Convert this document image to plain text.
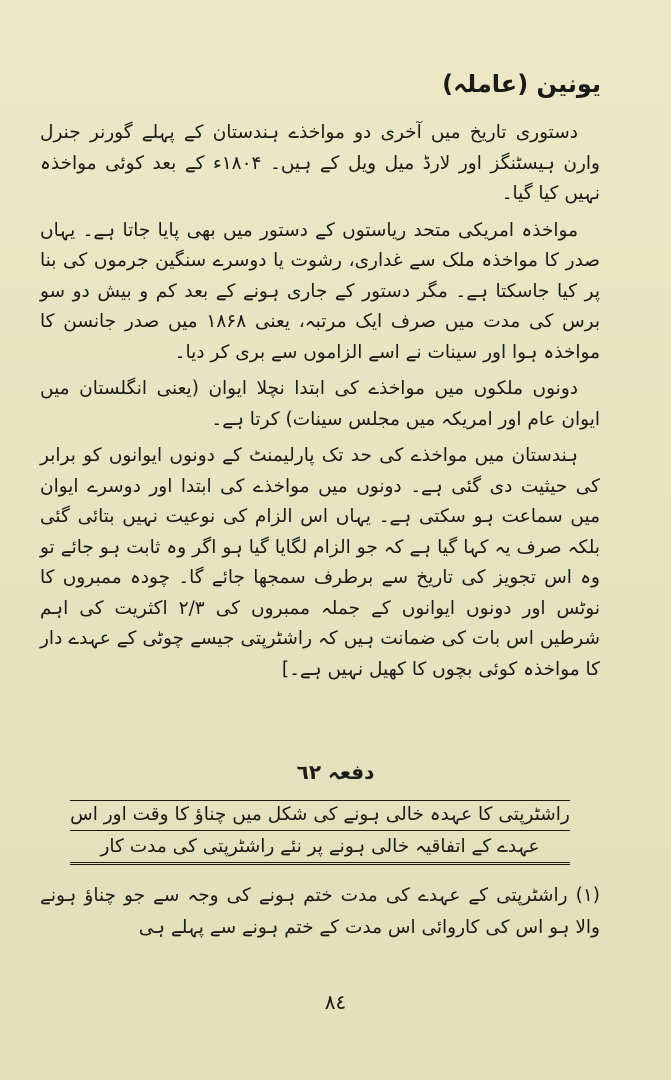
یونین (عاملہ)

دستوری تاریخ میں آخری دو مواخذے ہندستان کے پہلے گورنر جنرل وارن ہیسٹنگز اور لارڈ میل ویل کے ہیں۔ ۱۸۰۴ء کے بعد کوئی مواخذہ نہیں کیا گیا۔

مواخذہ امریکی متحد ریاستوں کے دستور میں بھی پایا جاتا ہے۔ یہاں صدر کا مواخذہ ملک سے غداری، رشوت یا دوسرے سنگین جرموں کی بنا پر کیا جاسکتا ہے۔ مگر دستور کے جاری ہونے کے بعد کم و بیش دو سو برس کی مدت میں صرف ایک مرتبہ، یعنی ۱۸۶۸ میں صدر جانسن کا مواخذہ ہوا اور سینات نے اسے الزاموں سے بری کر دیا۔

دونوں ملکوں میں مواخذے کی ابتدا نچلا ایوان (یعنی انگلستان میں ایوان عام اور امریکہ میں مجلس سینات) کرتا ہے۔

ہندستان میں مواخذے کی حد تک پارلیمنٹ کے دونوں ایوانوں کو برابر کی حیثیت دی گئی ہے۔ دونوں میں مواخذے کی ابتدا اور دوسرے ایوان میں سماعت ہو سکتی ہے۔ یہاں اس الزام کی نوعیت نہیں بتائی گئی بلکہ صرف یہ کہا گیا ہے کہ جو الزام لگایا گیا ہو اگر وہ ثابت ہو جائے تو وہ اس تجویز کی تاریخ سے برطرف سمجھا جائے گا۔ چودہ ممبروں کا نوٹس اور دونوں ایوانوں کے جملہ ممبروں کی ۲/۳ اکثریت کی اہم شرطیں اس بات کی ضمانت ہیں کہ راشٹرپتی جیسے چوٹی کے عہدے دار کا مواخذہ کوئی بچوں کا کھیل نہیں ہے۔]

دفعہ ٦٢
راشٹرپتی کا عہدہ خالی ہونے کی شکل میں چناؤ کا وقت اور اس
عہدے کے اتفاقیہ خالی ہونے پر نئے راشٹرپتی کی مدت کار
(۱) راشٹرپتی کے عہدے کی مدت ختم ہونے کی وجہ سے جو چناؤ ہونے والا ہو اس کی کاروائی اس مدت کے ختم ہونے سے پہلے ہی
٨٤
